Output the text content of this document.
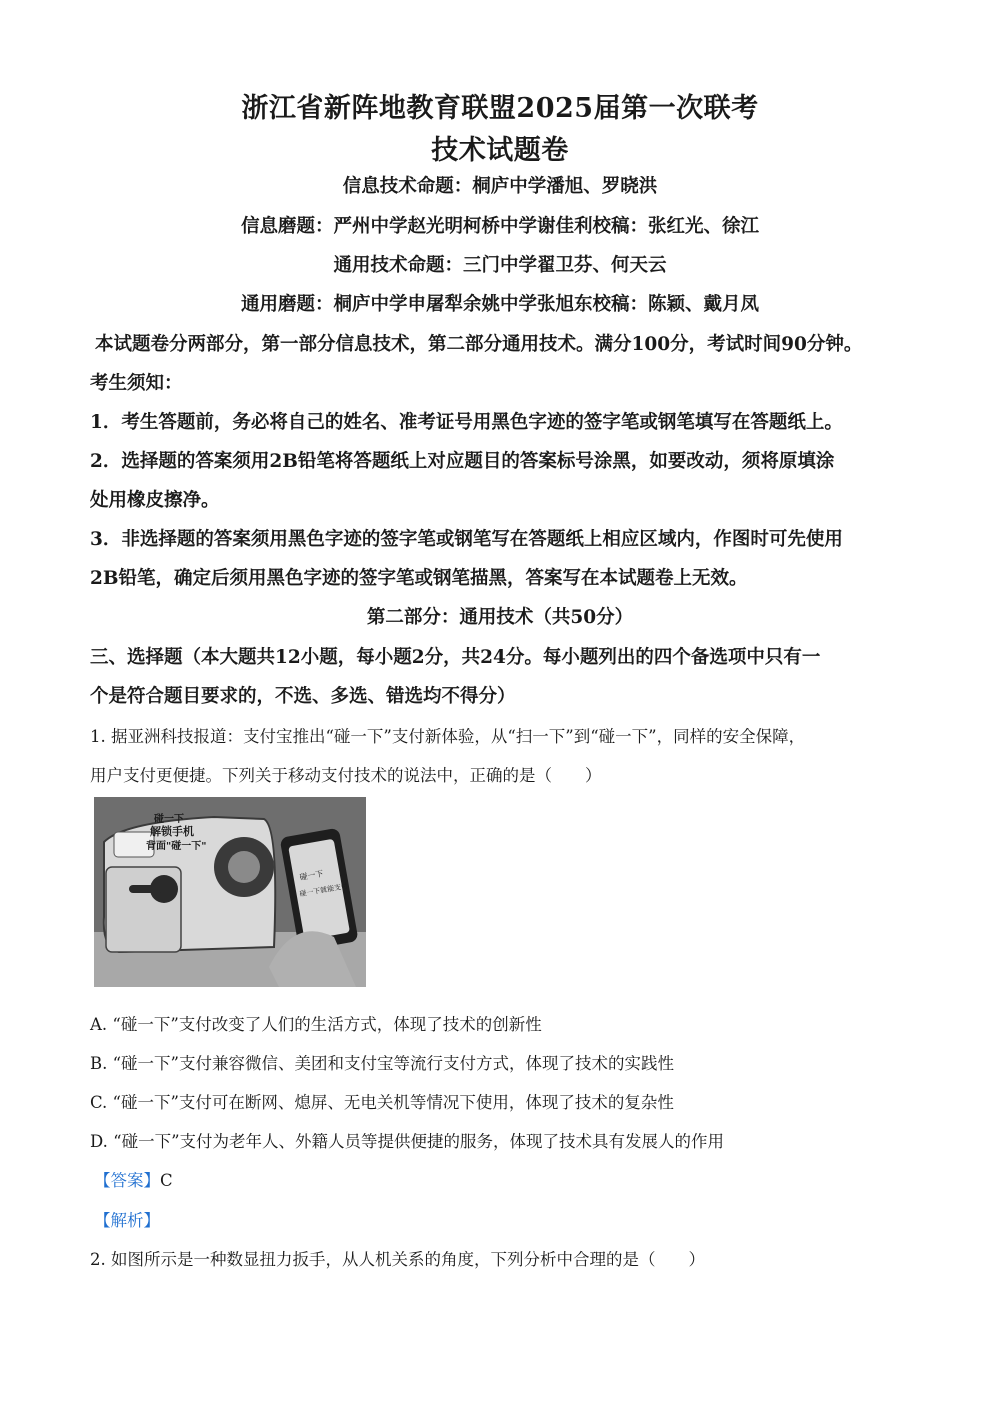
浙江省新阵地教育联盟2025届第一次联考
技术试题卷
信息技术命题：桐庐中学潘旭、罗晓洪
信息磨题：严州中学赵光明柯桥中学谢佳利校稿：张红光、徐江
通用技术命题：三门中学翟卫芬、何天云
通用磨题：桐庐中学申屠犁余姚中学张旭东校稿：陈颖、戴月凤
本试题卷分两部分，第一部分信息技术，第二部分通用技术。满分100分，考试时间90分钟。
考生须知：
1．考生答题前，务必将自己的姓名、准考证号用黑色字迹的签字笔或钢笔填写在答题纸上。
2．选择题的答案须用2B铅笔将答题纸上对应题目的答案标号涂黑，如要改动，须将原填涂
处用橡皮擦净。
3．非选择题的答案须用黑色字迹的签字笔或钢笔写在答题纸上相应区域内，作图时可先使用
2B铅笔，确定后须用黑色字迹的签字笔或钢笔描黑，答案写在本试题卷上无效。
第二部分：通用技术（共50分）
三、选择题（本大题共12小题，每小题2分，共24分。每小题列出的四个备选项中只有一
个是符合题目要求的，不选、多选、错选均不得分）
1. 据亚洲科技报道：支付宝推出“碰一下”支付新体验，从“扫一下”到“碰一下”，同样的安全保障，
用户支付更便捷。下列关于移动支付技术的说法中，正确的是（　　）
碰一下
解锁手机
背面"碰一下"
碰一下
碰一下就能支付
A. “碰一下”支付改变了人们的生活方式，体现了技术的创新性
B. “碰一下”支付兼容微信、美团和支付宝等流行支付方式，体现了技术的实践性
C. “碰一下”支付可在断网、熄屏、无电关机等情况下使用，体现了技术的复杂性
D. “碰一下”支付为老年人、外籍人员等提供便捷的服务，体现了技术具有发展人的作用
【答案】C
【解析】
2. 如图所示是一种数显扭力扳手，从人机关系的角度，下列分析中合理的是（　　）
